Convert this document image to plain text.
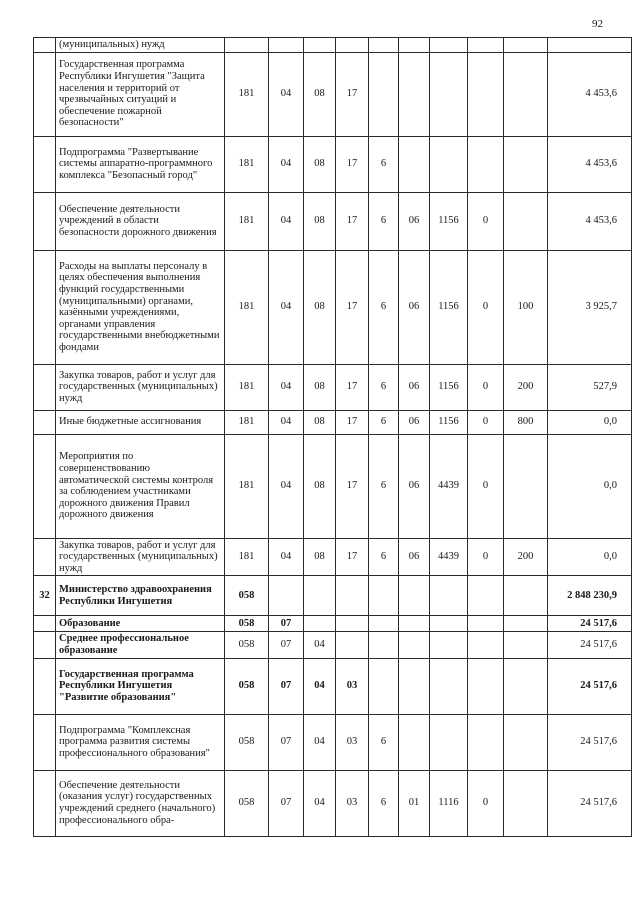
92
	(муниципальных) нужд										
	Государственная программа Республики Ингушетия "Защита населения и территорий от чрезвычайных ситуаций и обеспечение пожарной безопасности"	181	04	08	17						4 453,6
	Подпрограмма "Развертывание системы аппаратно-программного комплекса "Безопасный город"	181	04	08	17	6					4 453,6
	Обеспечение деятельности учреждений в области безопасности дорожного движения	181	04	08	17	6	06	1156	0		4 453,6
	Расходы на выплаты персоналу в целях обеспечения выполнения функций государственными (муниципальными) органами, казёнными учреждениями, органами управления государственными внебюджетными фондами	181	04	08	17	6	06	1156	0	100	3 925,7
	Закупка товаров, работ и услуг для государственных (муниципальных) нужд	181	04	08	17	6	06	1156	0	200	527,9
	Иные бюджетные ассигнования	181	04	08	17	6	06	1156	0	800	0,0
	Мероприятия по совершенствованию автоматической системы контроля за соблюдением участниками дорожного движения Правил дорожного движения	181	04	08	17	6	06	4439	0		0,0
	Закупка товаров, работ и услуг для государственных (муниципальных) нужд	181	04	08	17	6	06	4439	0	200	0,0
32	Министерство здравоохранения Республики Ингушетия	058									2 848 230,9
	Образование	058	07								24 517,6
	Среднее профессиональное образование	058	07	04							24 517,6
	Государственная программа Республики Ингушетия "Развитие образования"	058	07	04	03						24 517,6
	Подпрограмма "Комплексная программа развития системы профессионального образования"	058	07	04	03	6					24 517,6
	Обеспечение деятельности (оказания услуг) государственных учреждений среднего (начального) профессионального обра-	058	07	04	03	6	01	1116	0		24 517,6
